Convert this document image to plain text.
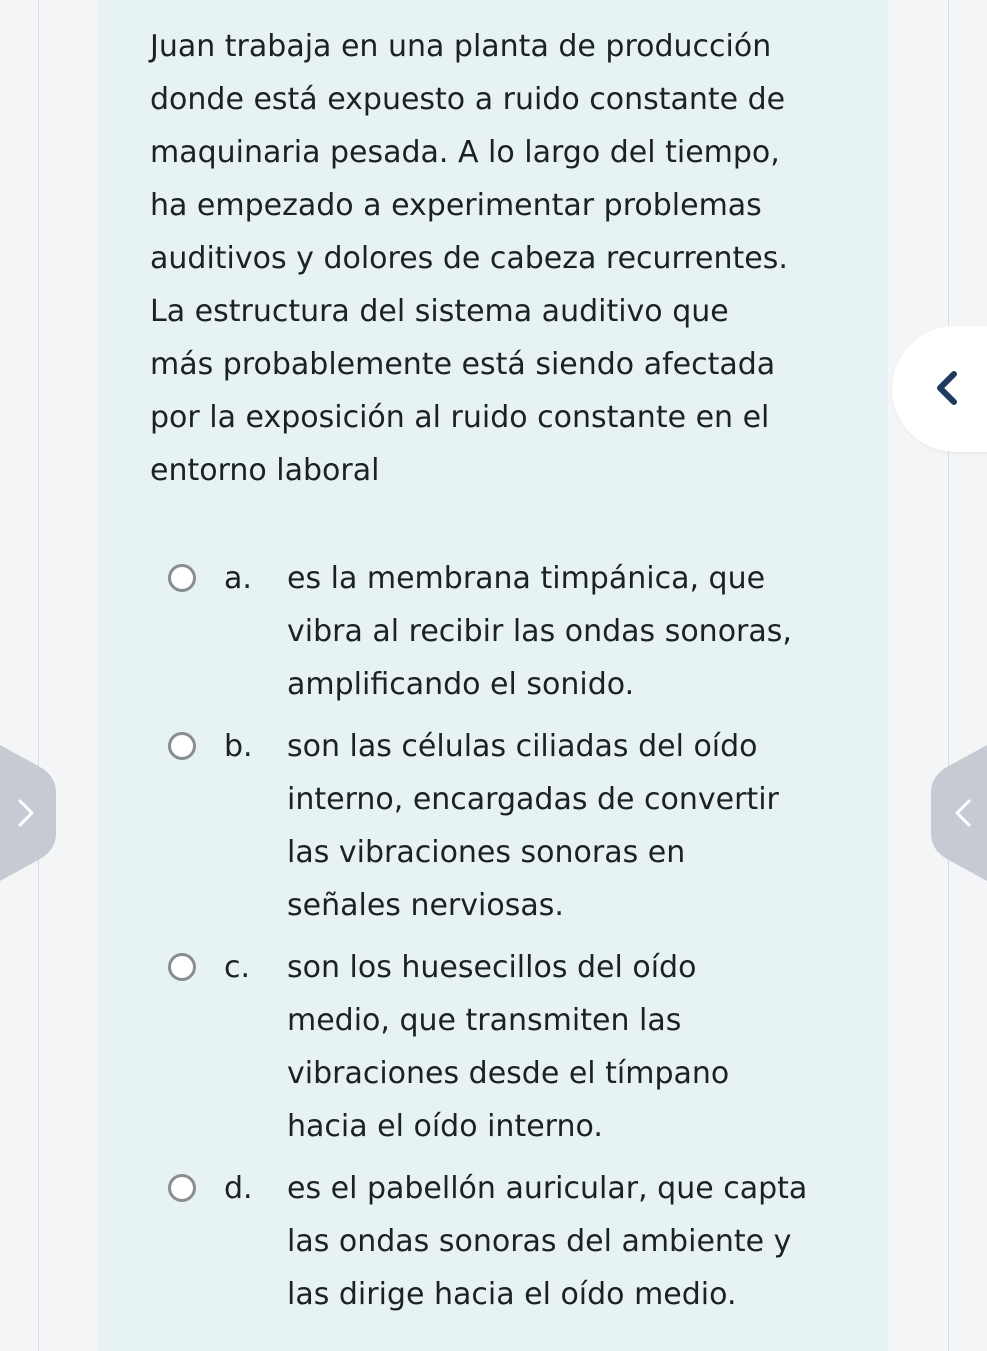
Juan trabaja en una planta de producción
donde está expuesto a ruido constante de
maquinaria pesada. A lo largo del tiempo,
ha empezado a experimentar problemas
auditivos y dolores de cabeza recurrentes.
La estructura del sistema auditivo que
más probablemente está siendo afectada
por la exposición al ruido constante en el
entorno laboral
a. es la membrana timpánica, que
vibra al recibir las ondas sonoras,
amplificando el sonido.
b. son las células ciliadas del oído
interno, encargadas de convertir
las vibraciones sonoras en
señales nerviosas.
c. son los huesecillos del oído
medio, que transmiten las
vibraciones desde el tímpano
hacia el oído interno.
d. es el pabellón auricular, que capta
las ondas sonoras del ambiente y
las dirige hacia el oído medio.
